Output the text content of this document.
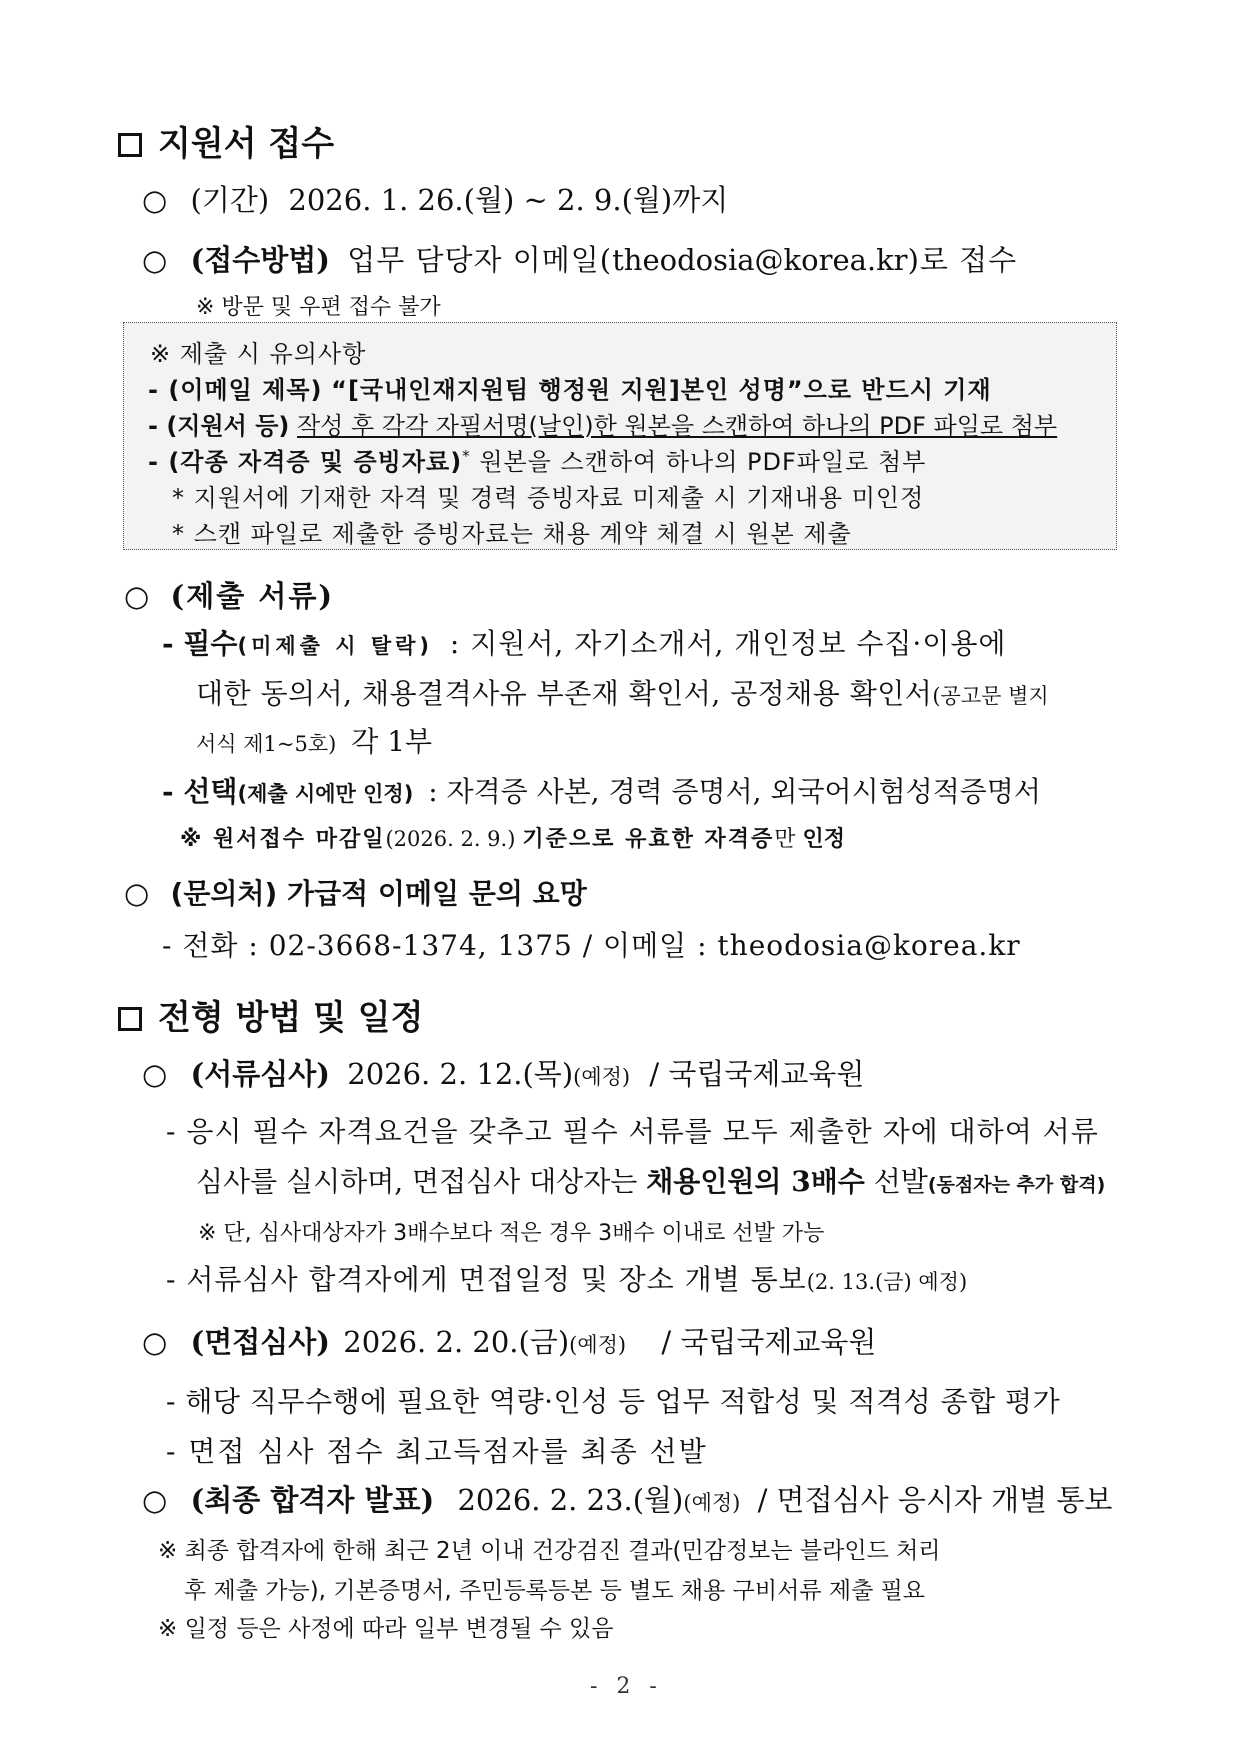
지원서 접수
○ (기간) 2026. 1. 26.(월) ~ 2. 9.(월)까지
○ (접수방법) 업무 담당자 이메일(theodosia@korea.kr)로 접수
※ 방문 및 우편 접수 불가
※ 제출 시 유의사항
- (이메일 제목) “[국내인재지원팀 행정원 지원]본인 성명”으로 반드시 기재
- (지원서 등) 작성 후 각각 자필서명(날인)한 원본을 스캔하여 하나의 PDF 파일로 첨부
- (각종 자격증 및 증빙자료)* 원본을 스캔하여 하나의 PDF파일로 첨부
* 지원서에 기재한 자격 및 경력 증빙자료 미제출 시 기재내용 미인정
* 스캔 파일로 제출한 증빙자료는 채용 계약 체결 시 원본 제출
○ (제출 서류)
- 필수(미제출 시 탈락) : 지원서, 자기소개서, 개인정보 수집·이용에
대한 동의서, 채용결격사유 부존재 확인서, 공정채용 확인서(공고문 별지
서식 제1~5호) 각 1부
- 선택(제출 시에만 인정) : 자격증 사본, 경력 증명서, 외국어시험성적증명서
※ 원서접수 마감일(2026. 2. 9.) 기준으로 유효한 자격증만 인정
○ (문의처) 가급적 이메일 문의 요망
- 전화 : 02-3668-1374, 1375 / 이메일 : theodosia@korea.kr
전형 방법 및 일정
○ (서류심사) 2026. 2. 12.(목)(예정) / 국립국제교육원
- 응시 필수 자격요건을 갖추고 필수 서류를 모두 제출한 자에 대하여 서류
심사를 실시하며, 면접심사 대상자는 채용인원의 3배수 선발(동점자는 추가 합격)
※ 단, 심사대상자가 3배수보다 적은 경우 3배수 이내로 선발 가능
- 서류심사 합격자에게 면접일정 및 장소 개별 통보(2. 13.(금) 예정)
○ (면접심사) 2026. 2. 20.(금)(예정) / 국립국제교육원
- 해당 직무수행에 필요한 역량·인성 등 업무 적합성 및 적격성 종합 평가
- 면접 심사 점수 최고득점자를 최종 선발
○ (최종 합격자 발표) 2026. 2. 23.(월)(예정) / 면접심사 응시자 개별 통보
※ 최종 합격자에 한해 최근 2년 이내 건강검진 결과(민감정보는 블라인드 처리
후 제출 가능), 기본증명서, 주민등록등본 등 별도 채용 구비서류 제출 필요
※ 일정 등은 사정에 따라 일부 변경될 수 있음
- 2 -
